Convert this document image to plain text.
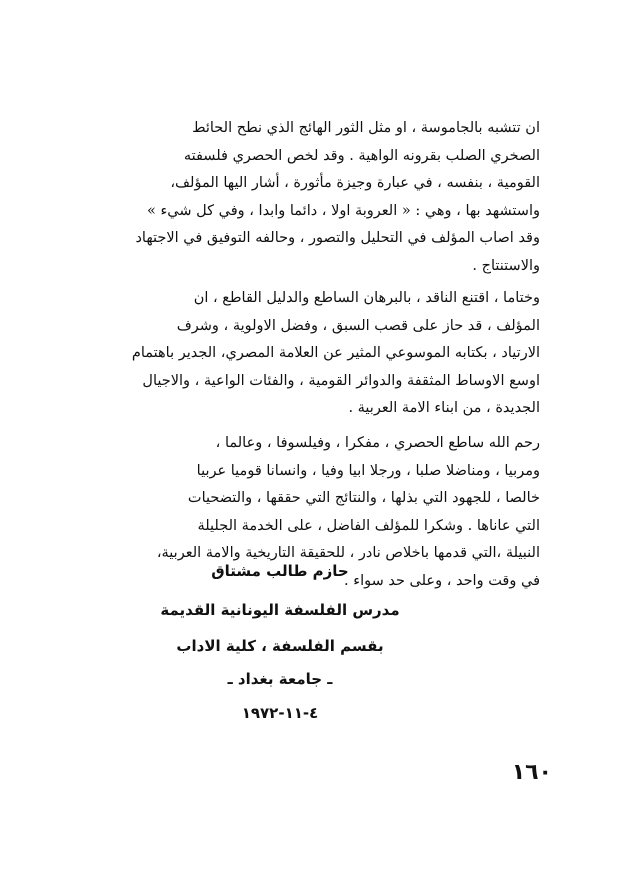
ان تتشبه بالجاموسة ، او مثل الثور الهائج الذي نطح الحائط
الصخري الصلب بقرونه الواهية . وقد لخص الحصري فلسفته
القومية ، بنفسه ، في عبارة وجيزة مأثورة ، أشار اليها المؤلف،
واستشهد بها ، وهي : « العروبة اولا ، دائما وابدا ، وفي كل شيء »
وقد اصاب المؤلف في التحليل والتصور ، وحالفه التوفيق في الاجتهاد
والاستنتاج .
وختاما ، اقتنع الناقد ، بالبرهان الساطع والدليل القاطع ، ان
المؤلف ، قد حاز على قصب السبق ، وفضل الاولوية ، وشرف
الارتياد ، بكتابه الموسوعي المثير عن العلامة المصري، الجدير باهتمام
اوسع الاوساط المثقفة والدوائر القومية ، والفئات الواعية ، والاجيال
الجديدة ، من ابناء الامة العربية .
رحم الله ساطع الحصري ، مفكرا ، وفيلسوفا ، وعالما ،
ومربيا ، ومناضلا صلبا ، ورجلا ابيا وفيا ، وانسانا قوميا عربيا
خالصا ، للجهود التي بذلها ، والنتائج التي حققها ، والتضحيات
التي عاناها . وشكرا للمؤلف الفاضل ، على الخدمة الجليلة
النبيلة ،التي قدمها باخلاص نادر ، للحقيقة التاريخية والامة العربية،
في وقت واحد ، وعلى حد سواء .
حازم طالب مشتاق
مدرس الفلسفة اليونانية القديمة
بقسم الفلسفة ، كلية الاداب
ـ جامعة بغداد ـ
٤-١١-١٩٧٢
١٦٠
